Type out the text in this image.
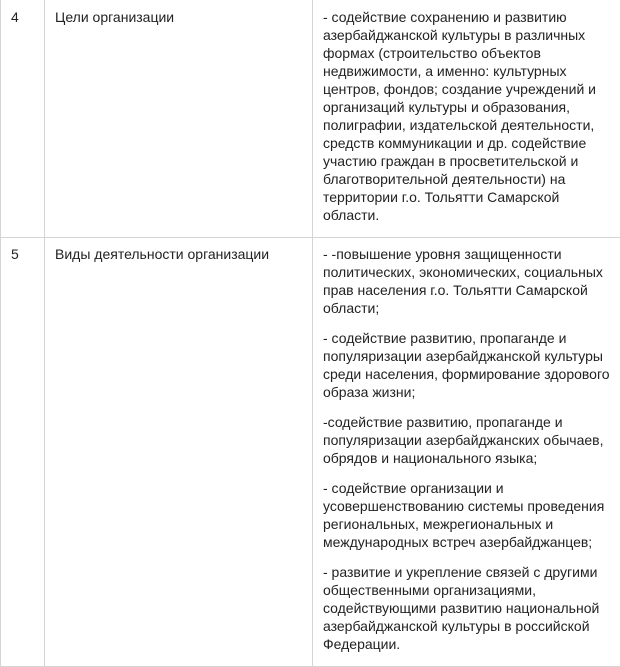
4	Цели организации	- содействие сохранению и развитию азербайджанской культуры в различных формах (строительство объектов недвижимости, а именно: культурных центров, фондов; создание учреждений и организаций культуры и образования, полиграфии, издательской деятельности, средств коммуникации и др. содействие участию граждан в просветительской и благотворительной деятельности) на территории г.о. Тольятти Самарской области.

5	Виды деятельности организации	- -повышение уровня защищенности политических, экономических, социальных прав населения г.о. Тольятти Самарской области;

- содействие развитию, пропаганде и популяризации азербайджанской культуры среди населения, формирование здорового образа жизни;

-содействие развитию, пропаганде и популяризации азербайджанских обычаев, обрядов и национального языка;

- содействие организации и усовершенствованию системы проведения региональных, межрегиональных и международных встреч азербайджанцев;

- развитие и укрепление связей с другими общественными организациями, содействующими развитию национальной азербайджанской культуры в российской Федерации.
